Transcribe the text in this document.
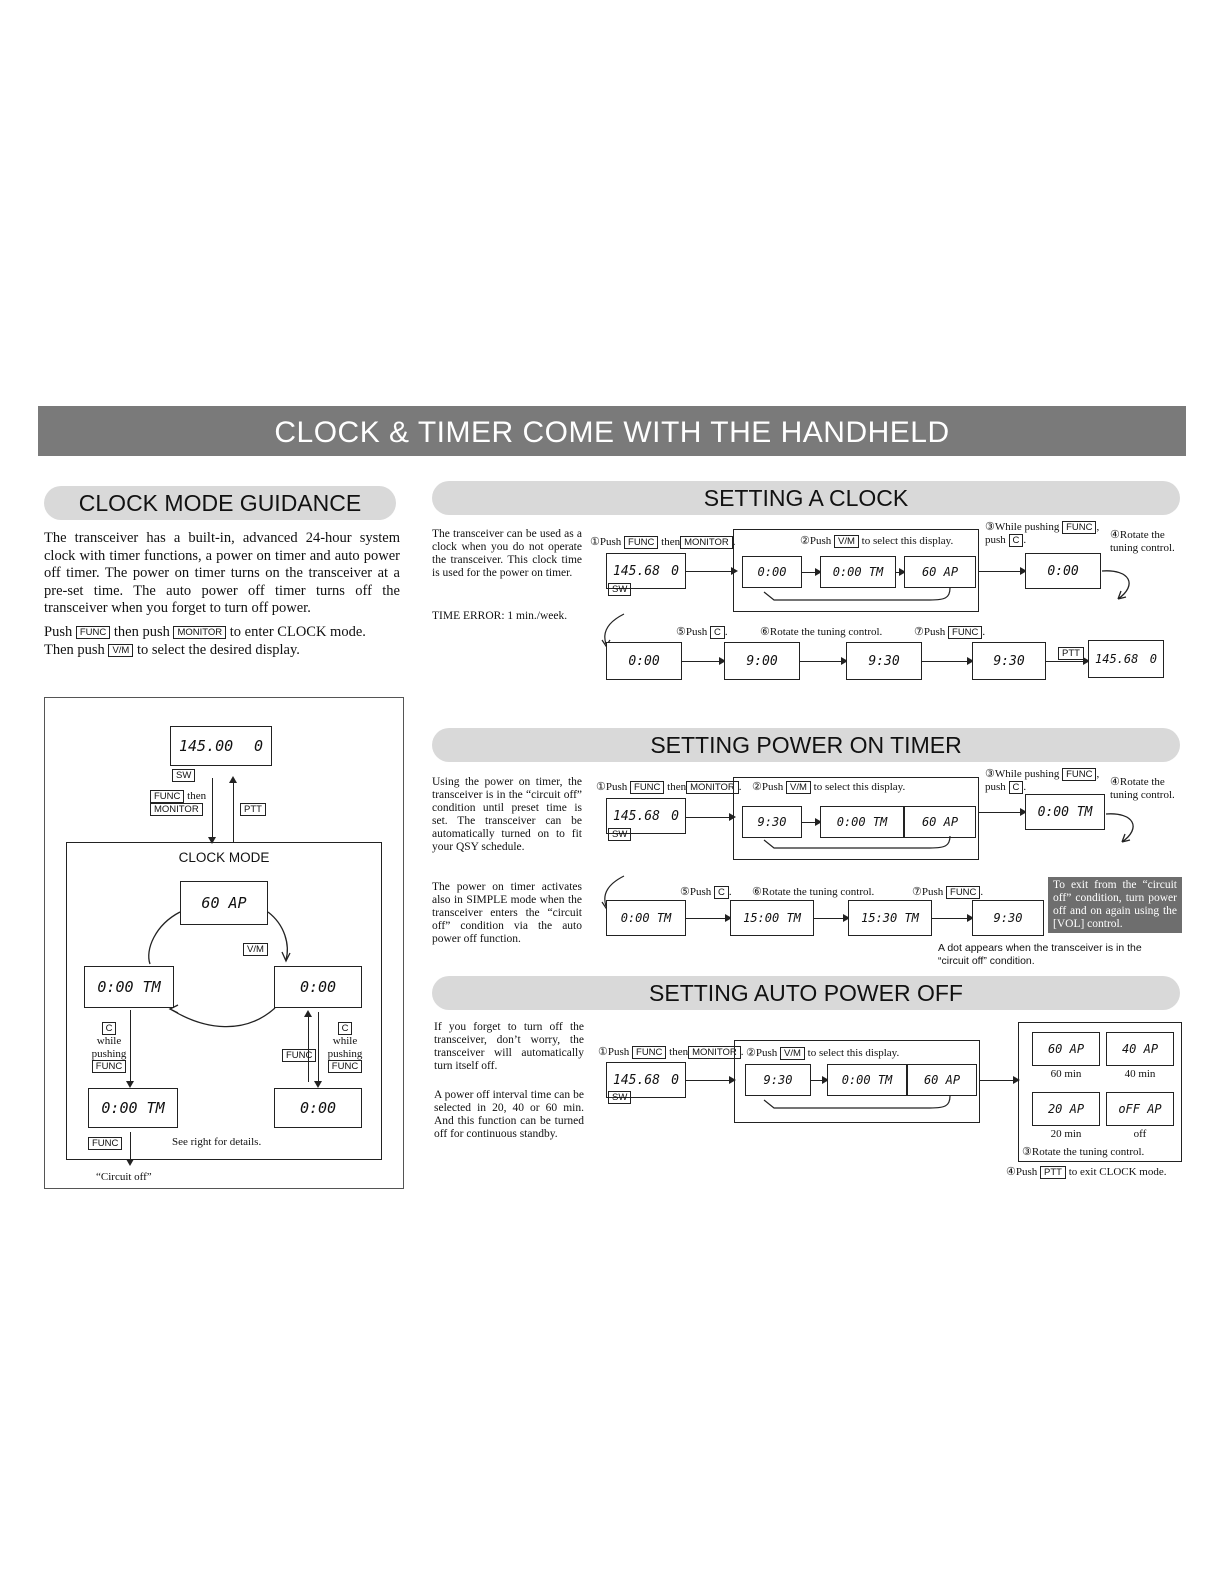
CLOCK & TIMER COME WITH THE HANDHELD
CLOCK MODE GUIDANCE
The transceiver has a built-in, advanced 24-hour system clock with timer functions, a power on timer and auto power off timer. The power on timer turns on the transceiver at a pre-set time. The auto power off timer turns off the transceiver when you forget to turn off power.
Push FUNC then push MONITOR to enter CLOCK mode.
Then push V/M to select the desired display.
145.00 0
SW
FUNC then
MONITOR	PTT
CLOCK MODE
60 AP
V/M
0:00 TM	0:00
C
while
pushing
FUNC
FUNC
C
while
pushing
FUNC
0:00 TM	0:00
FUNC	See right for details.
“Circuit off”
SETTING A CLOCK
The transceiver can be used as a clock when you do not operate the transceiver. This clock time is used for the power on timer.
TIME ERROR: 1 min./week.
①Push FUNC then MONITOR .
145.68 0
SW
②Push V/M to select this display.
0:00	0:00 TM	60 AP
③While pushing FUNC ,
push C .	④Rotate the tuning control.
0:00
⑤Push C .	⑥Rotate the tuning control.	⑦Push FUNC .
0:00	9:00	9:30	9:30
PTT	145.68 0
SETTING POWER ON TIMER
Using the power on timer, the transceiver is in the “circuit off” condition until preset time is set. The transceiver can be automatically turned on to fit your QSY schedule.
The power on timer activates also in SIMPLE mode when the transceiver enters the “circuit off” condition via the auto power off function.
①Push FUNC then MONITOR .
145.68 0
SW
②Push V/M to select this display.
9:30	0:00 TM	60 AP
③While pushing FUNC ,
push C .	④Rotate the tuning control.
0:00 TM
⑤Push C . ⑥Rotate the tuning control.	⑦Push FUNC .
0:00 TM	15:00 TM	15:30 TM	9:30
To exit from the “circuit off” condition, turn power off and on again using the [VOL] control.
A dot appears when the transceiver is in the “circuit off” condition.
SETTING AUTO POWER OFF
If you forget to turn off the transceiver, don’t worry, the transceiver will automatically turn itself off.
A power off interval time can be selected in 20, 40 or 60 min. And this function can be turned off for continuous standby.
①Push FUNC then MONITOR .
145.68 0
SW
②Push V/M to select this display.
9:30	0:00 TM	60 AP
60 AP
60 min
40 AP
40 min
20 AP
20 min
oFF AP
off
③Rotate the tuning control.
④Push PTT to exit CLOCK mode.
